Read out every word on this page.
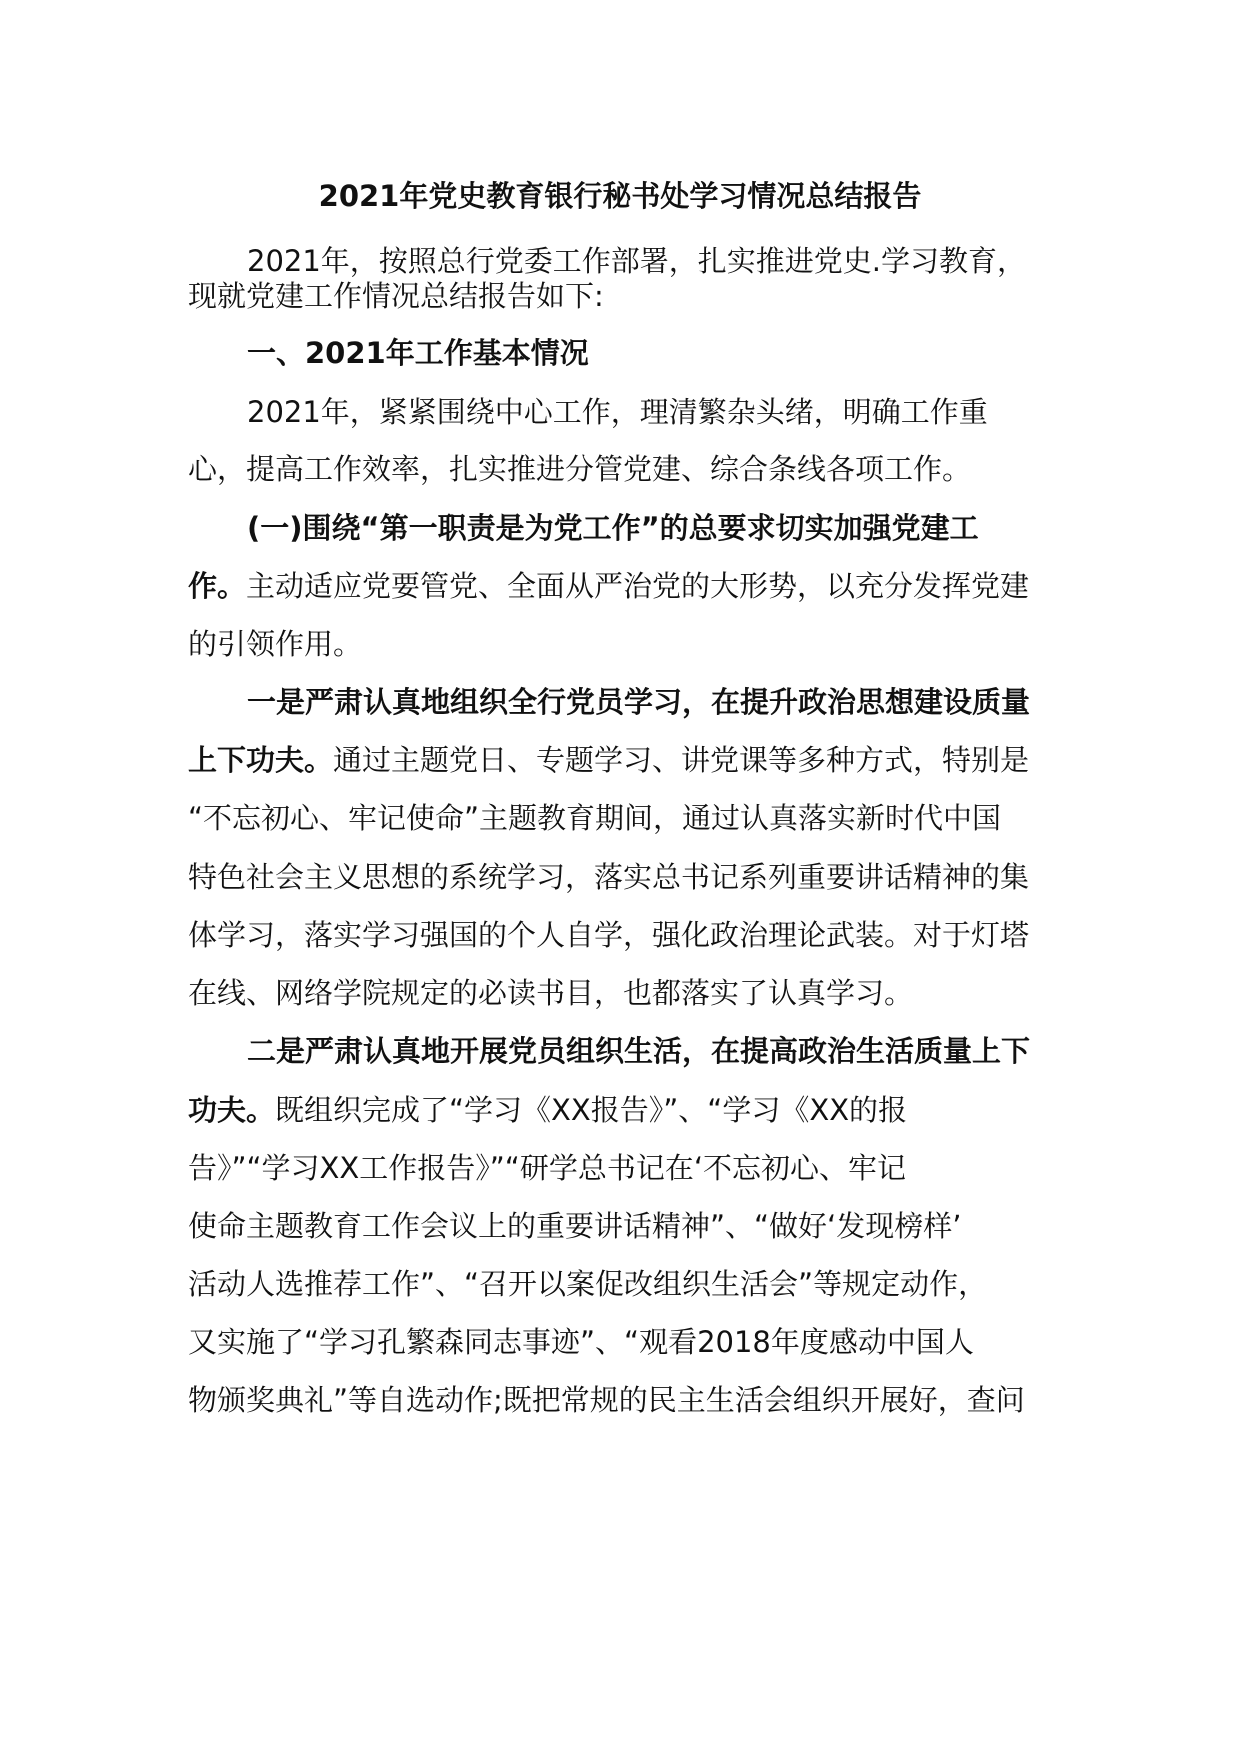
2021年党史教育银行秘书处学习情况总结报告
2021年，按照总行党委工作部署，扎实推进党史.学习教育，
现就党建工作情况总结报告如下:
一、2021年工作基本情况
2021年，紧紧围绕中心工作，理清繁杂头绪，明确工作重
心，提高工作效率，扎实推进分管党建、综合条线各项工作。
(一)围绕“第一职责是为党工作”的总要求切实加强党建工
作。主动适应党要管党、全面从严治党的大形势，以充分发挥党建
的引领作用。
一是严肃认真地组织全行党员学习，在提升政治思想建设质量
上下功夫。通过主题党日、专题学习、讲党课等多种方式，特别是
“不忘初心、牢记使命”主题教育期间，通过认真落实新时代中国
特色社会主义思想的系统学习，落实总书记系列重要讲话精神的集
体学习，落实学习强国的个人自学，强化政治理论武装。对于灯塔
在线、网络学院规定的必读书目，也都落实了认真学习。
二是严肃认真地开展党员组织生活，在提高政治生活质量上下
功夫。既组织完成了“学习《XX报告》”、“学习《XX的报
告》”“学习XX工作报告》”“研学总书记在‘不忘初心、牢记
使命主题教育工作会议上的重要讲话精神”、“做好‘发现榜样’
活动人选推荐工作”、“召开以案促改组织生活会”等规定动作，
又实施了“学习孔繁森同志事迹”、“观看2018年度感动中国人
物颁奖典礼”等自选动作;既把常规的民主生活会组织开展好，查问
